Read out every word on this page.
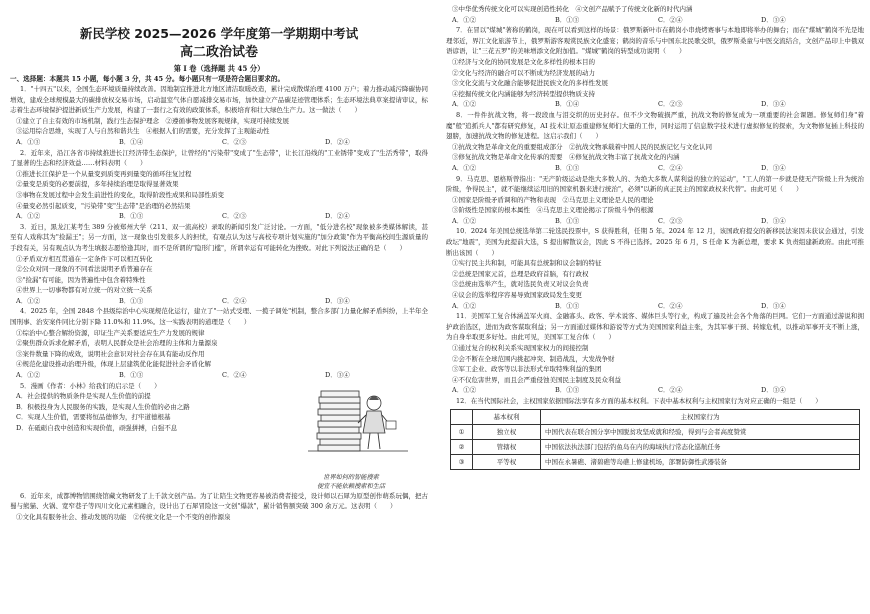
新民学校 2025—2026 学年度第一学期期中考试
高二政治试卷
第 I 卷（选择题 共 45 分）
一、选择题：本题共 15 小题，每小题 3 分，共 45 分。每小题只有一项是符合题目要求的。
1．"十四五"以来，全国生态环境质量持续改善。因地制宜推进北方地区清洁取暖改造，累计完成散煤治理 4100 万户；着力推动减污降碳协同增效，建成全球规模最大的碳排放权交易市场，启动温室气体自愿减排交易市场，加快建立产品碳足迹管理体系；生态环境法典草案提请审议，标志着生态环境保护提进新质生产力发展，构建了一套行之有效的政策体系，积极培育和壮大绿色生产力。这一做法（　　）
①建立了自主有效的市场机制，践行生态保护理念　②遵循事物发展客观规律，实现可持续发展
③运用综合思维，实现了人与自然和谐共生　④根据人们的需要，充分发挥了主观能动性
A．①③	B．①④	C．②③	D．②④
2．近年来，沿江各省市持续推进长江经济带生态保护，让曾经的"污染带"变成了"生态带"，让长江沿线的"工业锈带"变成了"生活秀带"，取得了显著的生态和经济效益……材料表明（　　）
①推进长江保护是一个从量变到质变再到量变的循环往复过程
②量变是质变的必要前提，多年持续治理是取得显著效果
③事物在发展过程中会发生前进性的变化，取得阶段性成果和局部性质变
④量变必然引起质变，"污染带"变"生态带"是治理的必然结果
A．①②	B．①③	C．②③	D．②④
3．近日，黑龙江某考生 389 分被郑州大学（211、双一流高校）录取的新闻引发广泛讨论。一方面，"低分进名校"现象被多类媒体解读，甚至有人戏称其为"捡漏王"；另一方面，这一现象也引发很多人的担忧，有观点认为这与高校专项计划实施的"加分政策"作为平衡高校间生源质量的手段有关，另有观点认为考生填报志愿恰逢其时，而不是所谓的"隐形门槛"，所谓幸运有可能转化为挫败。对此下列说法正确的是（　　）
①矛盾双方相互贯通在一定条件下可以相互转化
②公众对同一现象的不同看法说明矛盾普遍存在
③"捡漏"有可能，因为普遍性中包含着特殊性
④世界上一切事物都有对立统一的对立统一关系
A．①②	B．①③	C．②④	D．③④
4．2025 年，全国 2848 个县级综治中心实现规范化运行，建立了"一站式受理、一揽子调处"机制，整合多部门力量化解矛盾纠纷，上半年全国刑事、治安案件同比分别下降 11.0%和 11.9%。这一实践表明的道理是（　　）
①综治中心整合解纷资源，印证生产关系要适应生产力发展的规律
②聚焦群众诉求化解矛盾，表明人民群众是社会治理的主体和力量源泉
③案件数量下降的成效，说明社会意识对社会存在具有能动反作用
④规范化建设推动治理升级，体现上层建筑优化能促进社会矛盾化解
A．①②	B．①③	C．②④	D．③④
5．漫画《作者：小林》给我们的启示是（　　）
A．社会提供的物质条件是实现人生价值的前提
B．积极投身为人民服务的实践，是实现人生价值的必由之路
C．实现人生价值，需要将恒品德修为，打牢道德根基
D．在砥砺自我中创造和实现价值，顽强拼搏，自强不息
世界如何的智能搜索
便宜不能依赖搜索和生活
6．近年来，成都博物馆围绕馆藏文物研发了上千款文创产品。为了让陪生文物更容易被消费者接受，设计师以石犀为原型创作萌系玩偶，把古蜀与熊猫、火锅、宽窄巷子等四川文化元素相融合，设计出了石犀冒险这一文创"爆款"，累计销售额突破 300 余万元。这表明（　　）
①文化具有服务社会、推动发展的功能　②传统文化是一个不变的创作源泉
③中华优秀传统文化可以实现创造性转化　④文创产品赋予了传统文化新的时代内涵
A．①②	B．①③	C．②④	D．③④
7．在冒以"煤城"著称的鹤岗，现在可以看到这样的场景：俄罗斯新叶市在鹤岗小串烧烤赛事与本地即将举办的舞台；而在"煤城"鹤岗不光是地理邻近，界江文化旅游节上，俄罗斯游客观赏民族文化盛宴；鹤岗的音乐与中国东北民歌交织，俄罗斯桑童与中医交流结合，文创产品印上中俄双语谚语，让"三花五罗"的美味增添文化附加值。"煤城"鹤岗的转型成功说明（　　）
①经济与文化的协同发展是文化多样性的根本目的
②文化与经济的融合可以不断成为经济发展的动力
③文化交流与文化融合能够促进民族文化的多样性发展
④挖掘传统文化内涵能够为经济转型提供物质支持
A．①②	B．①④	C．②③	D．③④
8．一件件抗战文物，将一段段血与泪交织的历史封存。但不少文物破损严重，抗战文物的修复成为一项重要的社会课题。修复师们身"着魔"般"追抓兵人"都有研究修复，AI 技术让原态重建修复师们大量的工作，同时运用了信息数字技术进行虚拟修复的探索，为文物修复插上科技的翅膀，加速抗战文物的修复进程。这启示我们（　　）
①抗战文物是革命文化的重要组成部分　②抗战文物承载着中国人民的民族记忆与文化认同
③修复抗战文物是革命文化传承的需要　④修复抗战文物丰富了抗战文化的内涵
A．①②	B．①③	C．②④	D．③④
9．马克思、恩格斯曾指出："无产阶级运动是绝大多数人的、为绝大多数人谋利益的独立的运动"，"工人的第一步就是使无产阶级上升为统治阶级，争得民主"，就不能继续运用旧的国家机器来进行统治"，必须"以新的真正民主的国家政权来代替"。由此可见（　　）
①国家是阶级矛盾调和的产物和表现　②马克思主义理论是人民的理论
③阶级性是国家的根本属性　④马克思主义理论揭示了阶级斗争的根源
A．①②	B．①③	C．②③	D．③④
10．2024 年美国总统选举第二轮选民投票中，S 获得胜利，任期 5 年。2024 年 12 月，该国政府提交的新移民法案因未获议会通过，引发政坛"地震"，美国为此提前大选，S 提出解散议会，因此 S 不得已选择。2025 年 6 月，S 任命 K 为新总理，要求 K 负责组建新政府。由此可推断出该国（　　）
①实行民主共和制，可能具有总统制和议会制的特征
②总统是国家元首，总理是政府首脑，有行政权
③总统由选举产生，就对选民负责又对议会负责
④议会的选举程序容易导致国家政局发生变更
A．①②	B．①③	C．②④	D．③④
11．美国军工复合体涵盖军火商、金融寡头、政客、学术说客、媒体巨头等行业，构成了遍及社会各个角落的巨网。它们一方面通过游说和拥护政治选区，进而为政客谋取利益；另一方面通过媒体和游说等方式为美国国家利益主张，为其军事干预、转嫁危机，以推动军事开支不断上涨，为自身牟取更多好处。由此可见，美国军工复合体（　　）
①通过复合的权利关系实现国家权力的间接控制
②会不断在全球范围内挑起冲突、制造战乱，大发战争财
③军工企业、政客等以非法形式牟取特殊利益的集团
④不仅危害世界，而且会严重侵蚀美国民主制度及民众利益
A．①②	B．①③	C．②④	D．③④
12．在当代国际社会，主权国家依据国际法享有多方面的基本权利。下表中基本权利与主权国家行为对应正确的一组是（　　）
	基本权利	主权国家行为
①	独立权	中国代表在联合国分享中国脱贫攻坚成就和经验，得到与会者高度赞赏
②	管辖权	中国依法执法部门包括钓鱼岛在内的海域执行常态化巡航任务
③	平等权	中国在永暑礁、渚碧礁等岛礁上修建机场，部署防御性武器装备
